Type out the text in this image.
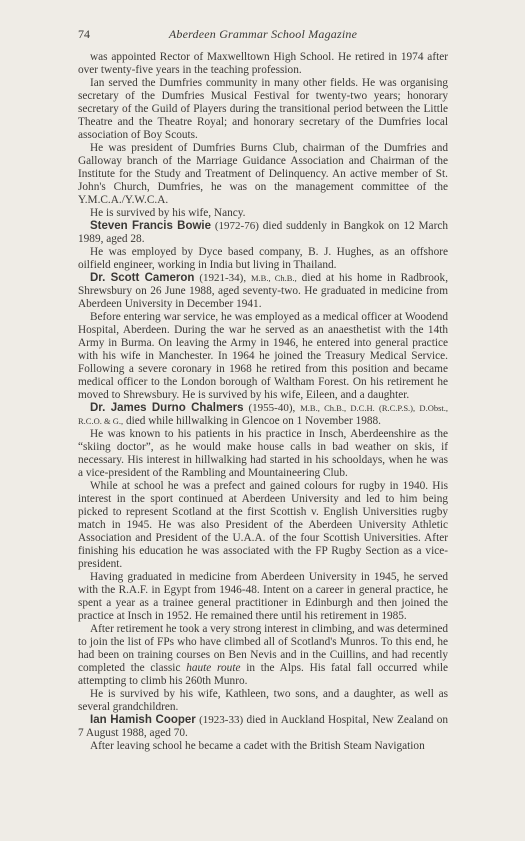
74	Aberdeen Grammar School Magazine

was appointed Rector of Maxwelltown High School. He retired in 1974 after over twenty-five years in the teaching profession.

Ian served the Dumfries community in many other fields. He was organising secretary of the Dumfries Musical Festival for twenty-two years; honorary secretary of the Guild of Players during the transitional period between the Little Theatre and the Theatre Royal; and honorary secretary of the Dumfries local association of Boy Scouts.

He was president of Dumfries Burns Club, chairman of the Dumfries and Galloway branch of the Marriage Guidance Association and Chairman of the Institute for the Study and Treatment of Delinquency. An active member of St. John's Church, Dumfries, he was on the management committee of the Y.M.C.A./Y.W.C.A.

He is survived by his wife, Nancy.

Steven Francis Bowie (1972-76) died suddenly in Bangkok on 12 March 1989, aged 28.

He was employed by Dyce based company, B. J. Hughes, as an offshore oilfield engineer, working in India but living in Thailand.

Dr. Scott Cameron (1921-34), M.B., Ch.B., died at his home in Radbrook, Shrewsbury on 26 June 1988, aged seventy-two. He graduated in medicine from Aberdeen University in December 1941.

Before entering war service, he was employed as a medical officer at Woodend Hospital, Aberdeen. During the war he served as an anaesthetist with the 14th Army in Burma. On leaving the Army in 1946, he entered into general practice with his wife in Manchester. In 1964 he joined the Treasury Medical Service. Following a severe coronary in 1968 he retired from this position and became medical officer to the London borough of Waltham Forest. On his retirement he moved to Shrewsbury. He is survived by his wife, Eileen, and a daughter.

Dr. James Durno Chalmers (1955-40), M.B., Ch.B., D.C.H. (R.C.P.S.), D.Obst., R.C.O. & G., died while hillwalking in Glencoe on 1 November 1988.

He was known to his patients in his practice in Insch, Aberdeenshire as the “skiing doctor”, as he would make house calls in bad weather on skis, if necessary. His interest in hillwalking had started in his schooldays, when he was a vice-president of the Rambling and Mountaineering Club.

While at school he was a prefect and gained colours for rugby in 1940. His interest in the sport continued at Aberdeen University and led to him being picked to represent Scotland at the first Scottish v. English Universities rugby match in 1945. He was also President of the Aberdeen University Athletic Association and President of the U.A.A. of the four Scottish Universities. After finishing his education he was associated with the FP Rugby Section as a vice-president.

Having graduated in medicine from Aberdeen University in 1945, he served with the R.A.F. in Egypt from 1946-48. Intent on a career in general practice, he spent a year as a trainee general practitioner in Edinburgh and then joined the practice at Insch in 1952. He remained there until his retirement in 1985.

After retirement he took a very strong interest in climbing, and was determined to join the list of FPs who have climbed all of Scotland's Munros. To this end, he had been on training courses on Ben Nevis and in the Cuillins, and had recently completed the classic haute route in the Alps. His fatal fall occurred while attempting to climb his 260th Munro.

He is survived by his wife, Kathleen, two sons, and a daughter, as well as several grandchildren.

Ian Hamish Cooper (1923-33) died in Auckland Hospital, New Zealand on 7 August 1988, aged 70.

After leaving school he became a cadet with the British Steam Navigation
